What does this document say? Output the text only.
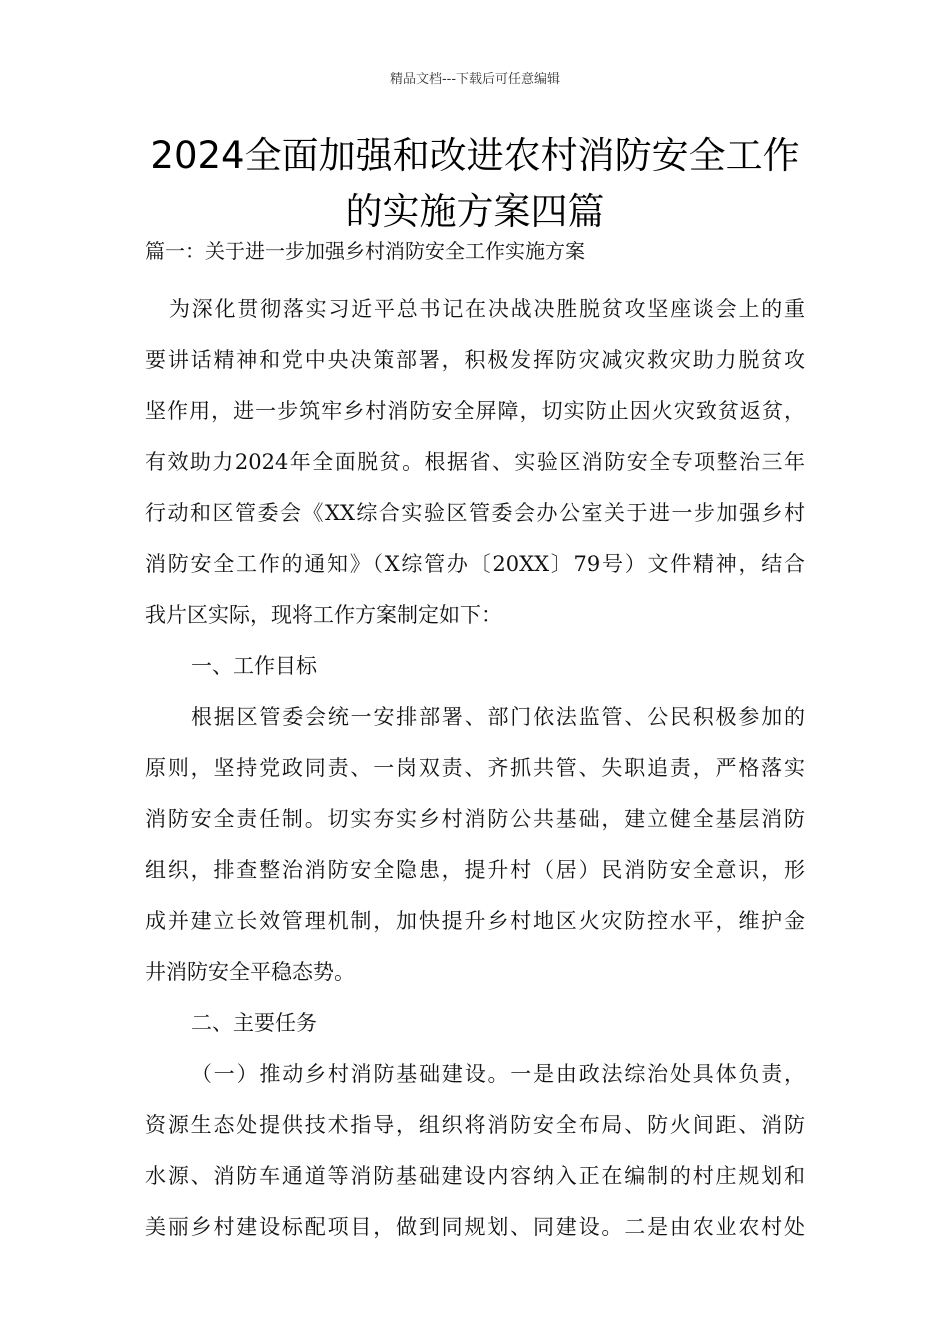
精品文档---下载后可任意编辑
2024全面加强和改进农村消防安全工作
的实施方案四篇
篇一：关于进一步加强乡村消防安全工作实施方案
为深化贯彻落实习近平总书记在决战决胜脱贫攻坚座谈会上的重
要讲话精神和党中央决策部署，积极发挥防灾减灾救灾助力脱贫攻
坚作用，进一步筑牢乡村消防安全屏障，切实防止因火灾致贫返贫，
有效助力2024年全面脱贫。根据省、实验区消防安全专项整治三年
行动和区管委会《XX综合实验区管委会办公室关于进一步加强乡村
消防安全工作的通知》（X综管办〔20XX〕79号）文件精神，结合
我片区实际，现将工作方案制定如下：
一、工作目标
根据区管委会统一安排部署、部门依法监管、公民积极参加的
原则，坚持党政同责、一岗双责、齐抓共管、失职追责，严格落实
消防安全责任制。切实夯实乡村消防公共基础，建立健全基层消防
组织，排查整治消防安全隐患，提升村（居）民消防安全意识，形
成并建立长效管理机制，加快提升乡村地区火灾防控水平，维护金
井消防安全平稳态势。
二、主要任务
（一）推动乡村消防基础建设。一是由政法综治处具体负责，
资源生态处提供技术指导，组织将消防安全布局、防火间距、消防
水源、消防车通道等消防基础建设内容纳入正在编制的村庄规划和
美丽乡村建设标配项目，做到同规划、同建设。二是由农业农村处
